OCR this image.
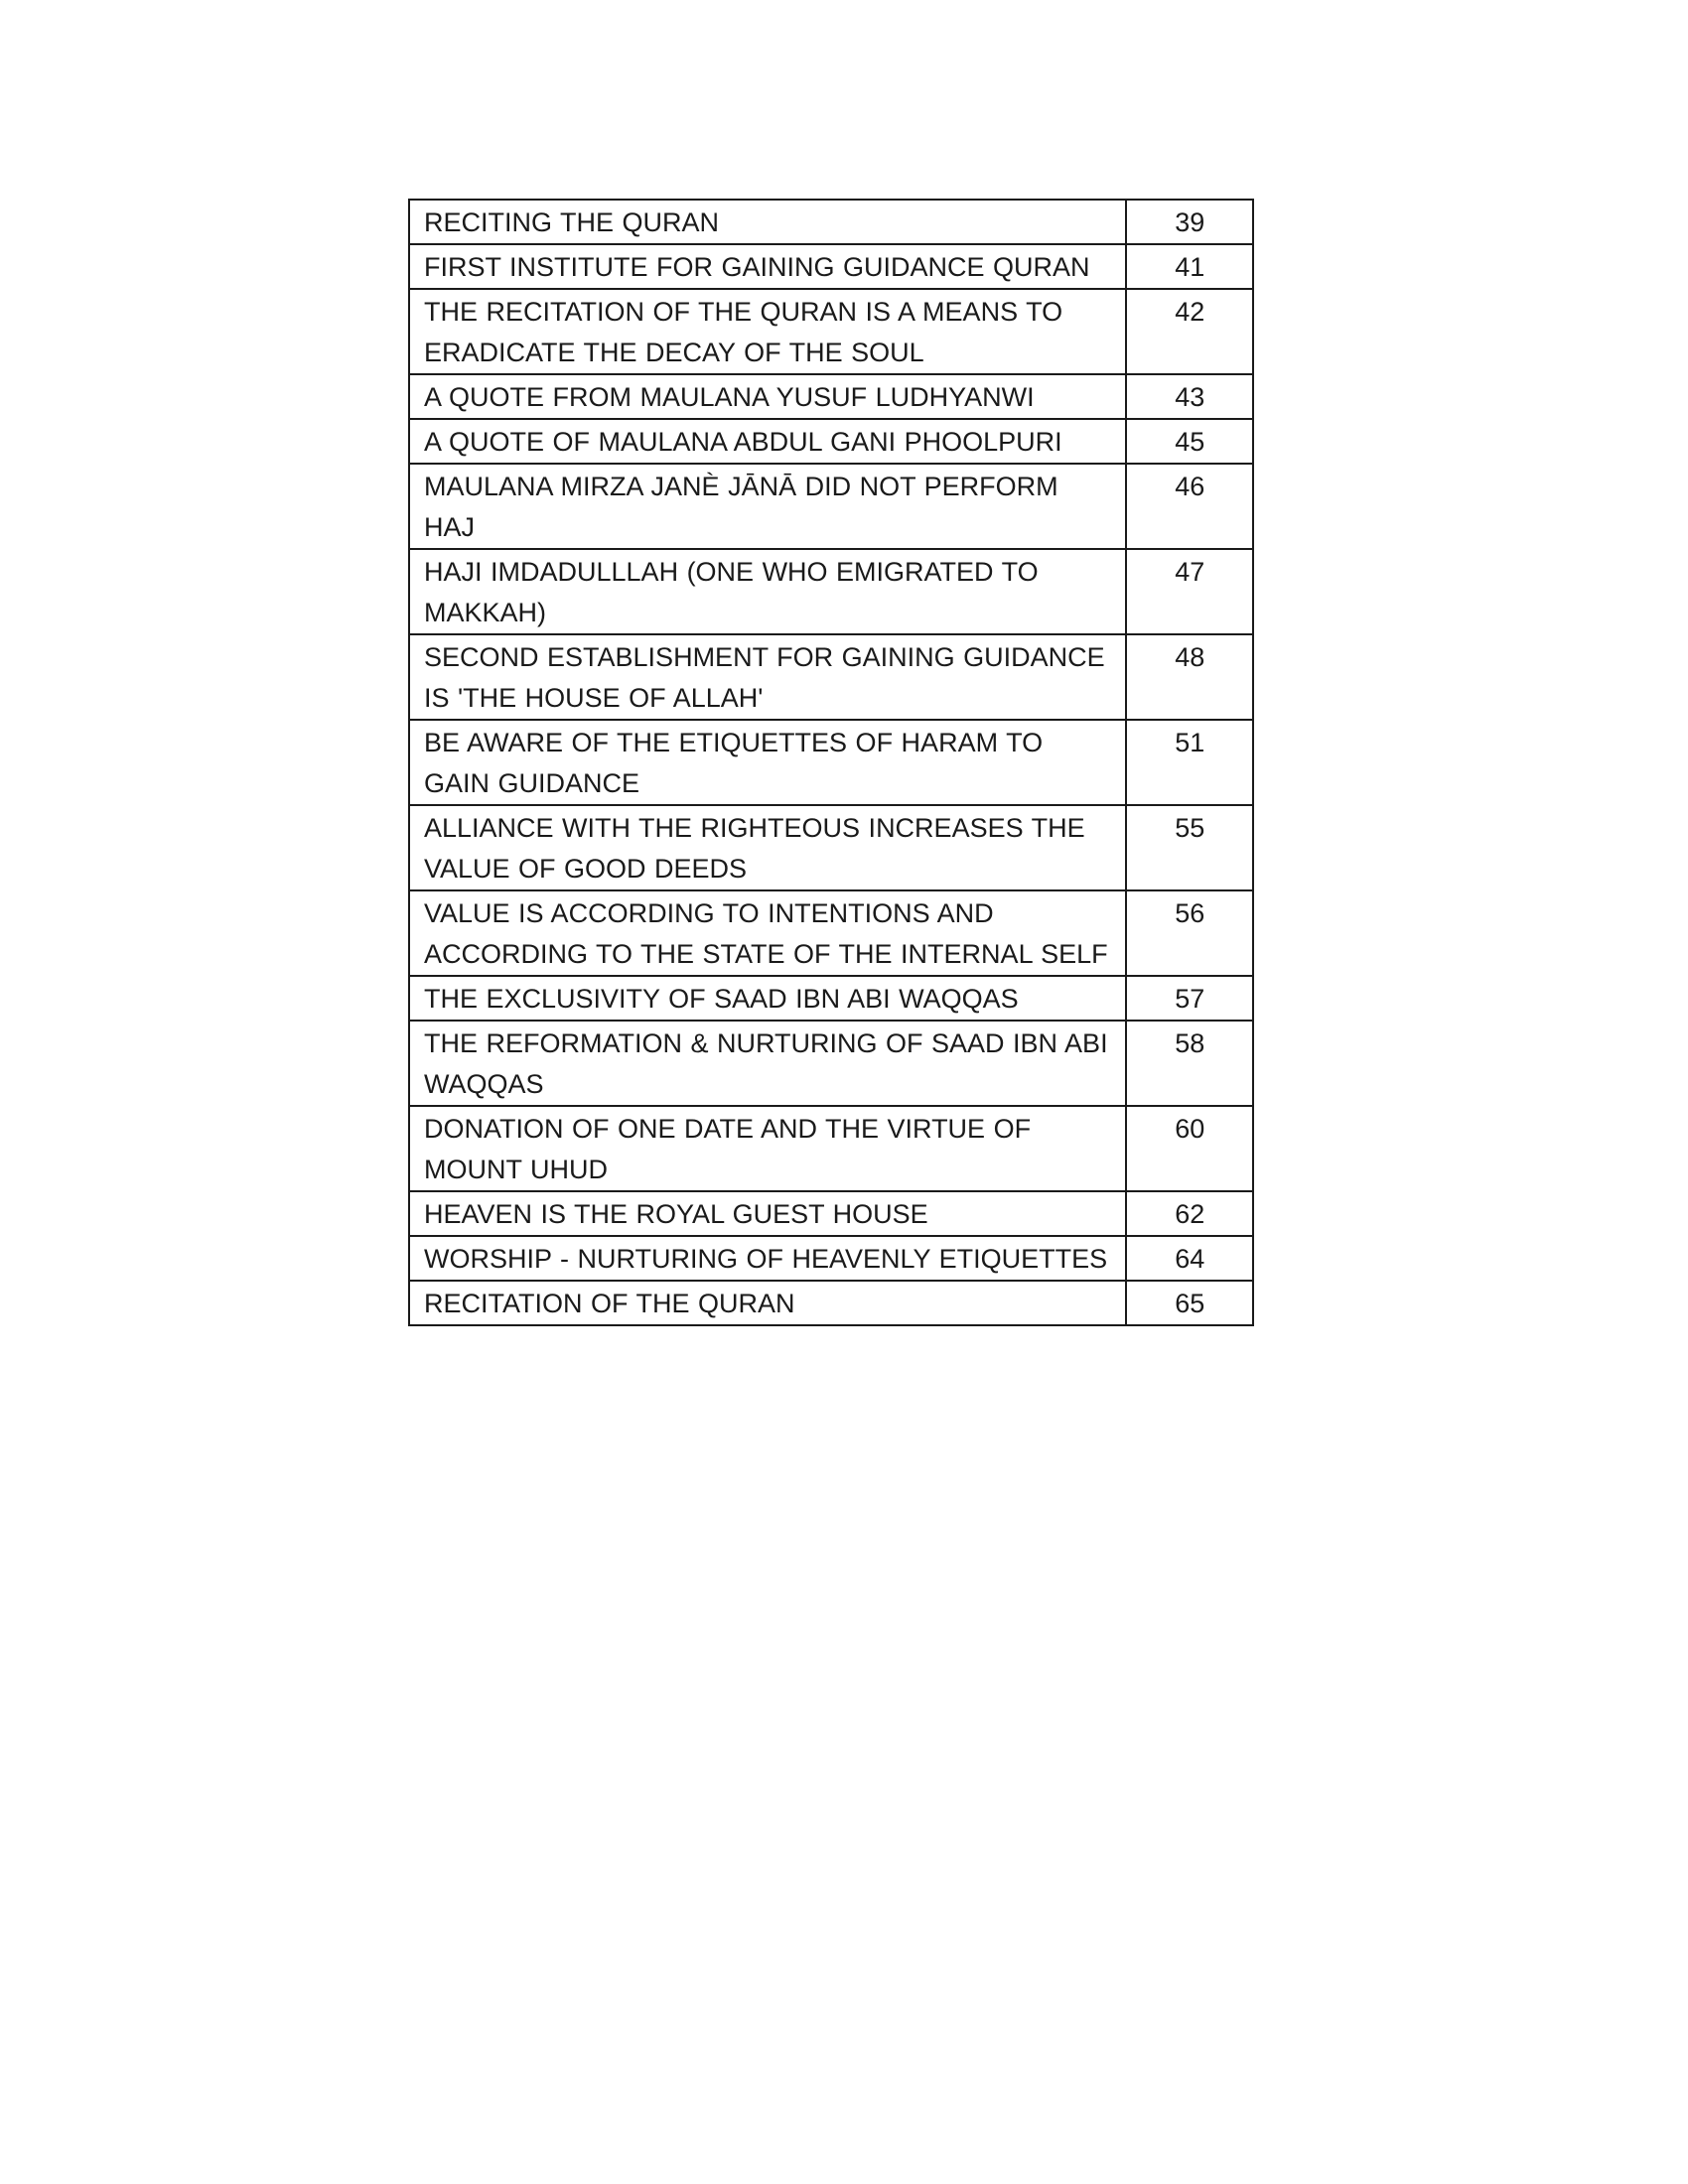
RECITING THE QURAN	39
FIRST INSTITUTE FOR GAINING GUIDANCE QURAN	41
THE RECITATION OF THE QURAN IS A MEANS TO ERADICATE THE DECAY OF THE SOUL	42
A QUOTE FROM MAULANA YUSUF LUDHYANWI	43
A QUOTE OF MAULANA ABDUL GANI PHOOLPURI	45
MAULANA MIRZA JANÈ JĀNĀ DID NOT PERFORM HAJ	46
HAJI IMDADULLLAH (ONE WHO EMIGRATED TO MAKKAH)	47
SECOND ESTABLISHMENT FOR GAINING GUIDANCE IS 'THE HOUSE OF ALLAH'	48
BE AWARE OF THE ETIQUETTES OF HARAM TO GAIN GUIDANCE	51
ALLIANCE WITH THE RIGHTEOUS INCREASES THE VALUE OF GOOD DEEDS	55
VALUE IS ACCORDING TO INTENTIONS AND ACCORDING TO THE STATE OF THE INTERNAL SELF	56
THE EXCLUSIVITY OF SAAD IBN ABI WAQQAS	57
THE REFORMATION & NURTURING OF SAAD IBN ABI WAQQAS	58
DONATION OF ONE DATE AND THE VIRTUE OF MOUNT UHUD	60
HEAVEN IS THE ROYAL GUEST HOUSE	62
WORSHIP - NURTURING OF HEAVENLY ETIQUETTES	64
RECITATION OF THE QURAN	65
